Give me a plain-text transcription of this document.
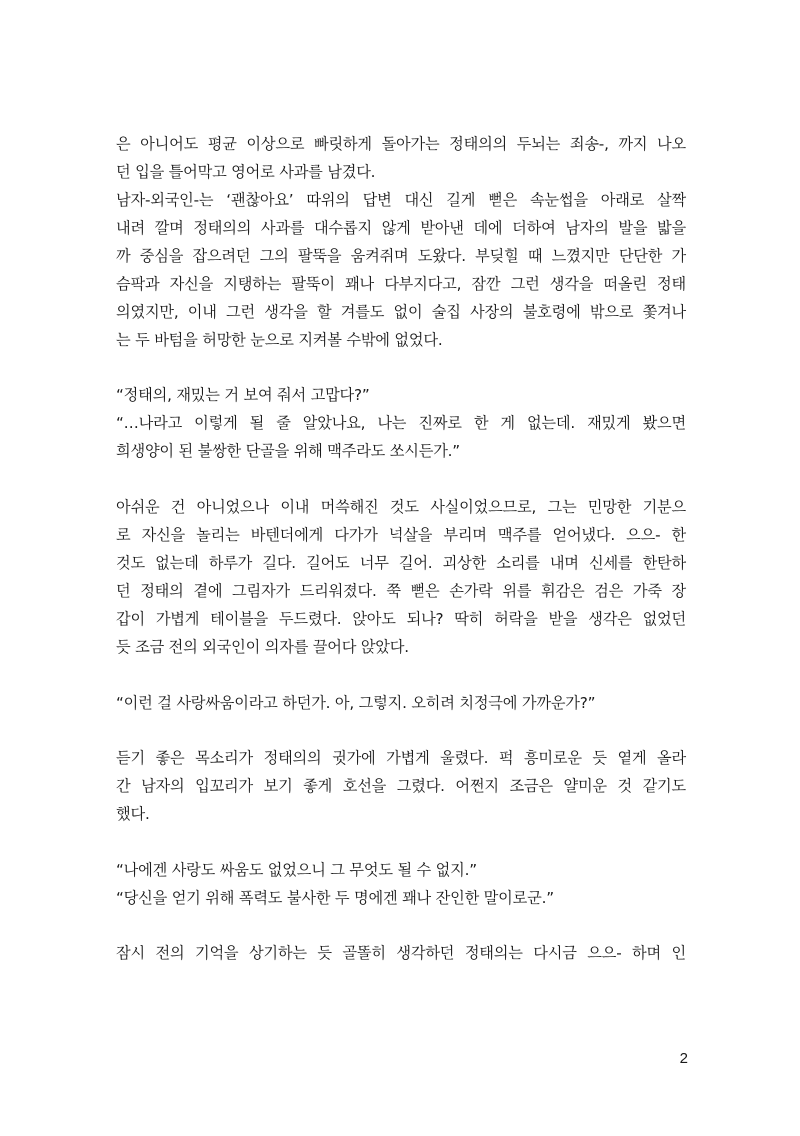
은 아니어도 평균 이상으로 빠릿하게 돌아가는 정태의의 두뇌는 죄송-, 까지 나오
던 입을 틀어막고 영어로 사과를 남겼다.
남자-외국인-는 ‘괜찮아요’ 따위의 답변 대신 길게 뻗은 속눈썹을 아래로 살짝
내려 깔며 정태의의 사과를 대수롭지 않게 받아낸 데에 더하여 남자의 발을 밟을
까 중심을 잡으려던 그의 팔뚝을 움켜쥐며 도왔다. 부딪힐 때 느꼈지만 단단한 가
슴팍과 자신을 지탱하는 팔뚝이 꽤나 다부지다고, 잠깐 그런 생각을 떠올린 정태
의였지만, 이내 그런 생각을 할 겨를도 없이 술집 사장의 불호령에 밖으로 쫓겨나
는 두 바텀을 허망한 눈으로 지켜볼 수밖에 없었다.
“정태의, 재밌는 거 보여 줘서 고맙다?”
“…나라고 이렇게 될 줄 알았나요, 나는 진짜로 한 게 없는데. 재밌게 봤으면
희생양이 된 불쌍한 단골을 위해 맥주라도 쏘시든가.”
아쉬운 건 아니었으나 이내 머쓱해진 것도 사실이었으므로, 그는 민망한 기분으
로 자신을 놀리는 바텐더에게 다가가 넉살을 부리며 맥주를 얻어냈다. 으으- 한
것도 없는데 하루가 길다. 길어도 너무 길어. 괴상한 소리를 내며 신세를 한탄하
던 정태의 곁에 그림자가 드리워졌다. 쭉 뻗은 손가락 위를 휘감은 검은 가죽 장
갑이 가볍게 테이블을 두드렸다. 앉아도 되나? 딱히 허락을 받을 생각은 없었던
듯 조금 전의 외국인이 의자를 끌어다 앉았다.
“이런 걸 사랑싸움이라고 하던가. 아, 그렇지. 오히려 치정극에 가까운가?”
듣기 좋은 목소리가 정태의의 귓가에 가볍게 울렸다. 퍽 흥미로운 듯 옅게 올라
간 남자의 입꼬리가 보기 좋게 호선을 그렸다. 어쩐지 조금은 얄미운 것 같기도
했다.
“나에겐 사랑도 싸움도 없었으니 그 무엇도 될 수 없지.”
“당신을 얻기 위해 폭력도 불사한 두 명에겐 꽤나 잔인한 말이로군.”
잠시 전의 기억을 상기하는 듯 골똘히 생각하던 정태의는 다시금 으으- 하며 인
2
